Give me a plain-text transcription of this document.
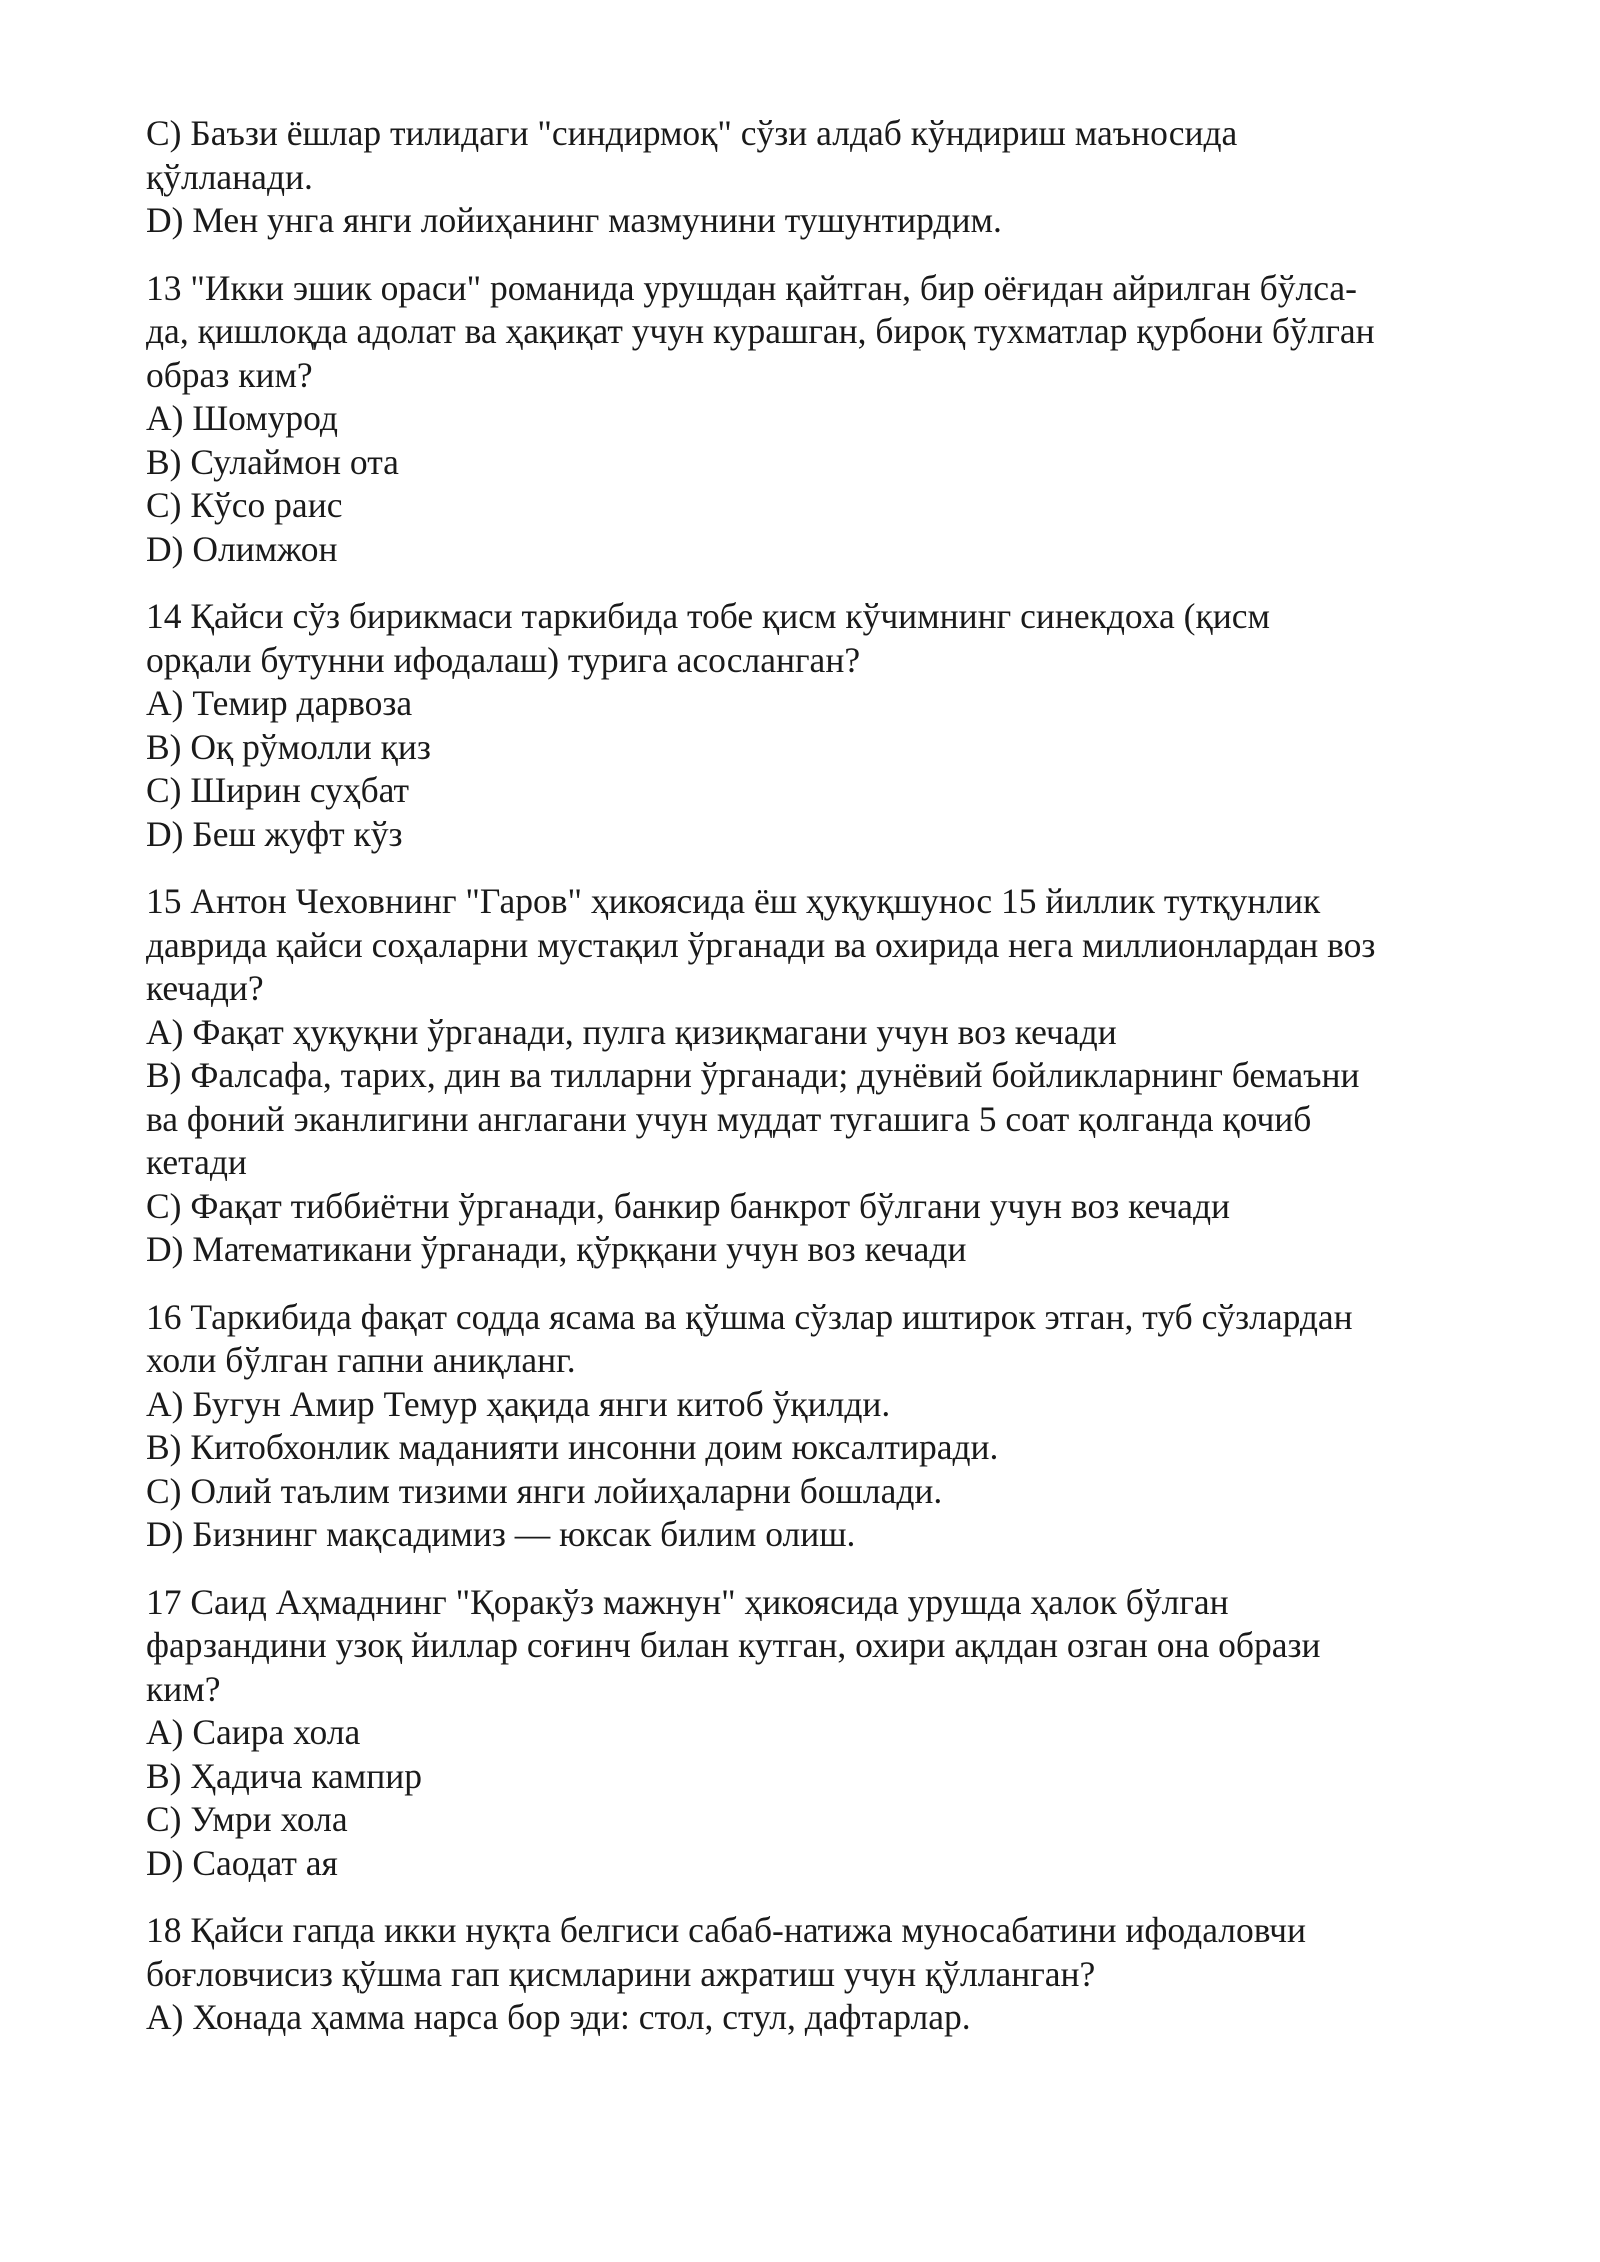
C) Баъзи ёшлар тилидаги "синдирмоқ" сўзи алдаб кўндириш маъносида
қўлланади.
D) Мен унга янги лойиҳанинг мазмунини тушунтирдим.
13 "Икки эшик ораси" романида урушдан қайтган, бир оёғидан айрилган бўлса-
да, қишлоқда адолат ва ҳақиқат учун курашган, бироқ тухматлар қурбони бўлган
образ ким?
A) Шомурод
B) Сулаймон ота
C) Кўсо раис
D) Олимжон
14 Қайси сўз бирикмаси таркибида тобе қисм кўчимнинг синекдоха (қисм
орқали бутунни ифодалаш) турига асосланган?
A) Темир дарвоза
B) Оқ рўмолли қиз
C) Ширин суҳбат
D) Беш жуфт кўз
15 Антон Чеховнинг "Гаров" ҳикоясида ёш ҳуқуқшунос 15 йиллик тутқунлик
даврида қайси соҳаларни мустақил ўрганади ва охирида нега миллионлардан воз
кечади?
A) Фақат ҳуқуқни ўрганади, пулга қизиқмагани учун воз кечади
B) Фалсафа, тарих, дин ва тилларни ўрганади; дунёвий бойликларнинг бемаъни
ва фоний эканлигини англагани учун муддат тугашига 5 соат қолганда қочиб
кетади
C) Фақат тиббиётни ўрганади, банкир банкрот бўлгани учун воз кечади
D) Математикани ўрганади, қўрққани учун воз кечади
16 Таркибида фақат содда ясама ва қўшма сўзлар иштирок этган, туб сўзлардан
холи бўлган гапни аниқланг.
A) Бугун Амир Темур ҳақида янги китоб ўқилди.
B) Китобхонлик маданияти инсонни доим юксалтиради.
C) Олий таълим тизими янги лойиҳаларни бошлади.
D) Бизнинг мақсадимиз — юксак билим олиш.
17 Саид Аҳмаднинг "Қоракўз мажнун" ҳикоясида урушда ҳалок бўлган
фарзандини узоқ йиллар соғинч билан кутган, охири ақлдан озган она образи
ким?
A) Саира хола
B) Ҳадича кампир
C) Умри хола
D) Саодат ая
18 Қайси гапда икки нуқта белгиси сабаб-натижа муносабатини ифодаловчи
боғловчисиз қўшма гап қисмларини ажратиш учун қўлланган?
A) Хонада ҳамма нарса бор эди: стол, стул, дафтарлар.
